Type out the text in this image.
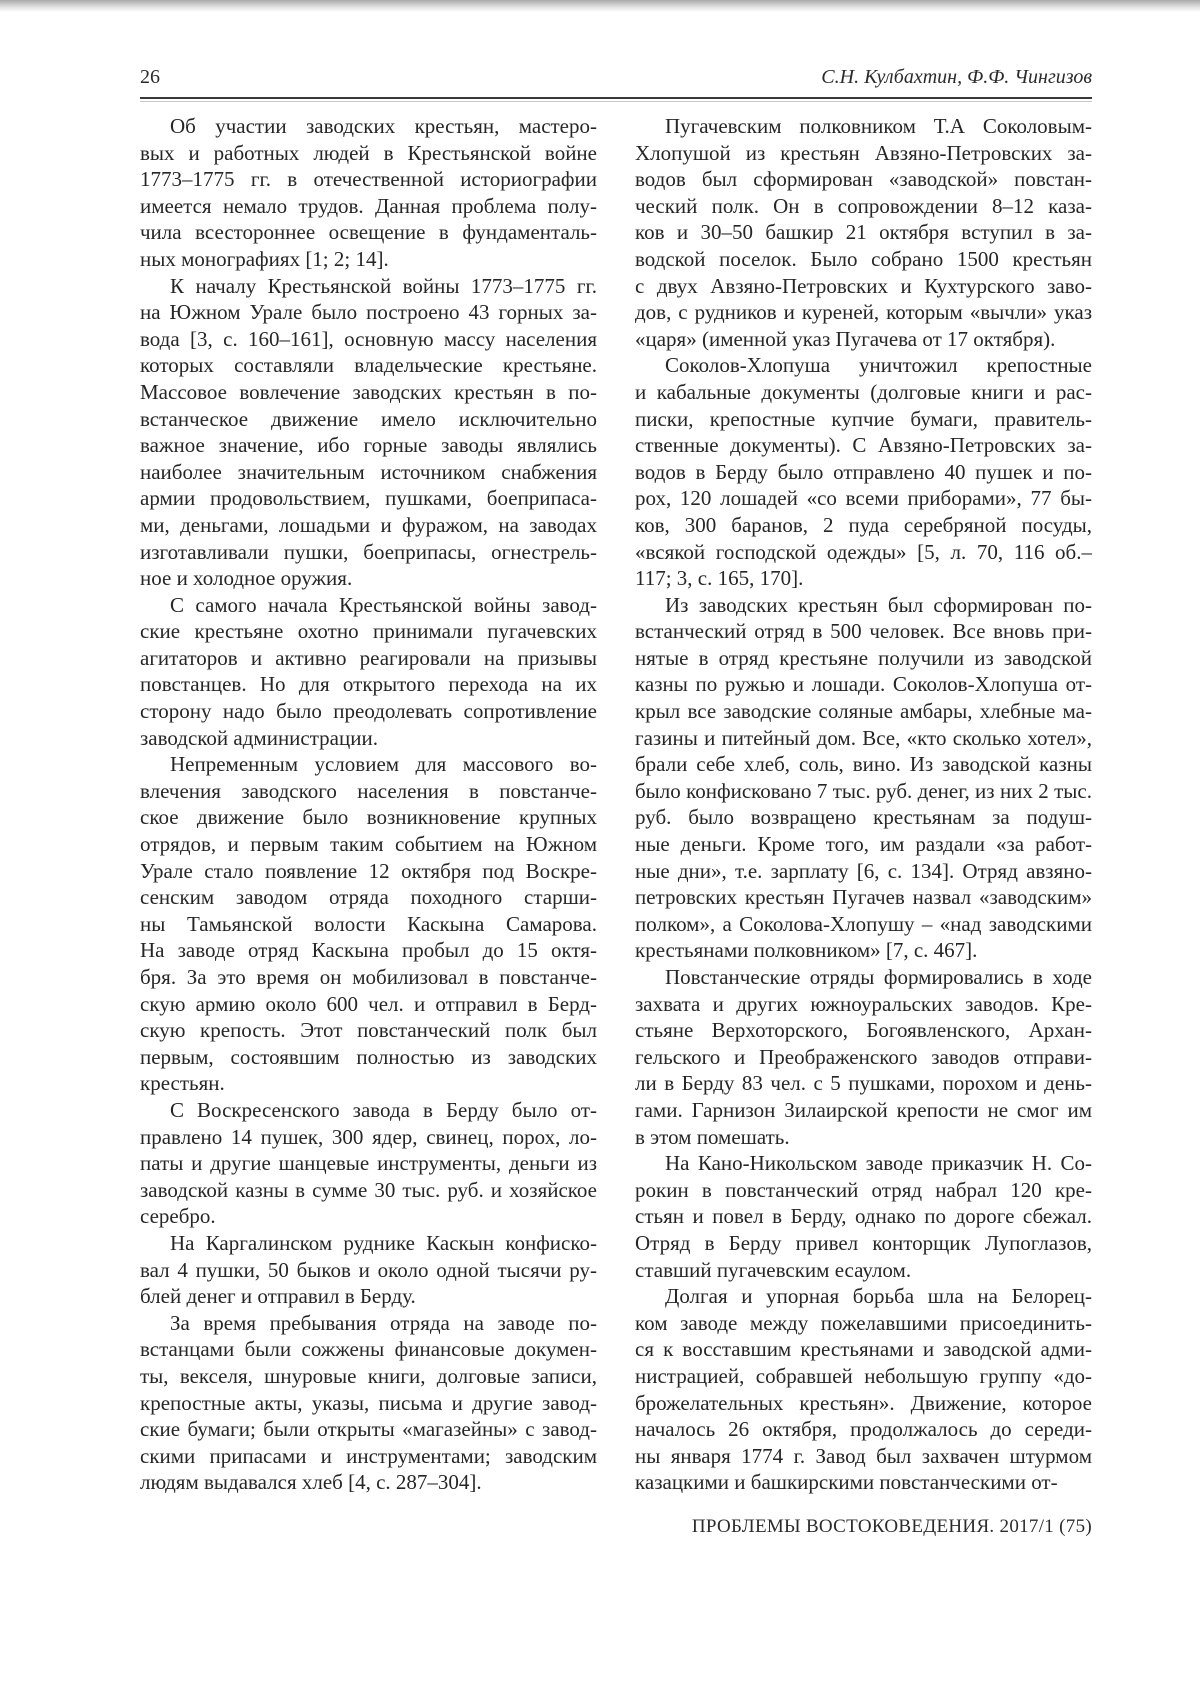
26	С.Н. Кулбахтин, Ф.Ф. Чингизов
Об участии заводских крестьян, мастеро-
вых и работных людей в Крестьянской войне
1773–1775 гг. в отечественной историографии
имеется немало трудов. Данная проблема полу-
чила всестороннее освещение в фундаменталь-
ных монографиях [1; 2; 14].
К началу Крестьянской войны 1773–1775 гг.
на Южном Урале было построено 43 горных за-
вода [3, с. 160–161], основную массу населения
которых составляли владельческие крестьяне.
Массовое вовлечение заводских крестьян в по-
встанческое движение имело исключительно
важное значение, ибо горные заводы являлись
наиболее значительным источником снабжения
армии продовольствием, пушками, боеприпаса-
ми, деньгами, лошадьми и фуражом, на заводах
изготавливали пушки, боеприпасы, огнестрель-
ное и холодное оружия.
С самого начала Крестьянской войны завод-
ские крестьяне охотно принимали пугачевских
агитаторов и активно реагировали на призывы
повстанцев. Но для открытого перехода на их
сторону надо было преодолевать сопротивление
заводской администрации.
Непременным условием для массового во-
влечения заводского населения в повстанче-
ское движение было возникновение крупных
отрядов, и первым таким событием на Южном
Урале стало появление 12 октября под Воскре-
сенским заводом отряда походного старши-
ны Тамьянской волости Каскына Самарова.
На заводе отряд Каскына пробыл до 15 октя-
бря. За это время он мобилизовал в повстанче-
скую армию около 600 чел. и отправил в Берд-
скую крепость. Этот повстанческий полк был
первым, состоявшим полностью из заводских
крестьян.
С Воскресенского завода в Берду было от-
правлено 14 пушек, 300 ядер, свинец, порох, ло-
паты и другие шанцевые инструменты, деньги из
заводской казны в сумме 30 тыс. руб. и хозяйское
серебро.
На Каргалинском руднике Каскын конфиско-
вал 4 пушки, 50 быков и около одной тысячи ру-
блей денег и отправил в Берду.
За время пребывания отряда на заводе по-
встанцами были сожжены финансовые докумен-
ты, векселя, шнуровые книги, долговые записи,
крепостные акты, указы, письма и другие завод-
ские бумаги; были открыты «магазейны» с завод-
скими припасами и инструментами; заводским
людям выдавался хлеб [4, с. 287–304].
Пугачевским полковником Т.А Соколовым-
Хлопушой из крестьян Авзяно-Петровских за-
водов был сформирован «заводской» повстан-
ческий полк. Он в сопровождении 8–12 каза-
ков и 30–50 башкир 21 октября вступил в за-
водской поселок. Было собрано 1500 крестьян
с двух Авзяно-Петровских и Кухтурского заво-
дов, с рудников и куреней, которым «вычли» указ
«царя» (именной указ Пугачева от 17 октября).
Соколов-Хлопуша уничтожил крепостные
и кабальные документы (долговые книги и рас-
писки, крепостные купчие бумаги, правитель-
ственные документы). С Авзяно-Петровских за-
водов в Берду было отправлено 40 пушек и по-
рох, 120 лошадей «со всеми приборами», 77 бы-
ков, 300 баранов, 2 пуда серебряной посуды,
«всякой господской одежды» [5, л. 70, 116 об.–
117; 3, с. 165, 170].
Из заводских крестьян был сформирован по-
встанческий отряд в 500 человек. Все вновь при-
нятые в отряд крестьяне получили из заводской
казны по ружью и лошади. Соколов-Хлопуша от-
крыл все заводские соляные амбары, хлебные ма-
газины и питейный дом. Все, «кто сколько хотел»,
брали себе хлеб, соль, вино. Из заводской казны
было конфисковано 7 тыс. руб. денег, из них 2 тыс.
руб. было возвращено крестьянам за подуш-
ные деньги. Кроме того, им раздали «за работ-
ные дни», т.е. зарплату [6, с. 134]. Отряд авзяно-
петровских крестьян Пугачев назвал «заводским»
полком», а Соколова-Хлопушу – «над заводскими
крестьянами полковником» [7, с. 467].
Повстанческие отряды формировались в ходе
захвата и других южноуральских заводов. Кре-
стьяне Верхоторского, Богоявленского, Архан-
гельского и Преображенского заводов отправи-
ли в Берду 83 чел. с 5 пушками, порохом и день-
гами. Гарнизон Зилаирской крепости не смог им
в этом помешать.
На Кано-Никольском заводе приказчик Н. Со-
рокин в повстанческий отряд набрал 120 кре-
стьян и повел в Берду, однако по дороге сбежал.
Отряд в Берду привел конторщик Лупоглазов,
ставший пугачевским есаулом.
Долгая и упорная борьба шла на Белорец-
ком заводе между пожелавшими присоединить-
ся к восставшим крестьянами и заводской адми-
нистрацией, собравшей небольшую группу «до-
брожелательных крестьян». Движение, которое
началось 26 октября, продолжалось до середи-
ны января 1774 г. Завод был захвачен штурмом
казацкими и башкирскими повстанческими от-
ПРОБЛЕМЫ ВОСТОКОВЕДЕНИЯ. 2017/1 (75)
